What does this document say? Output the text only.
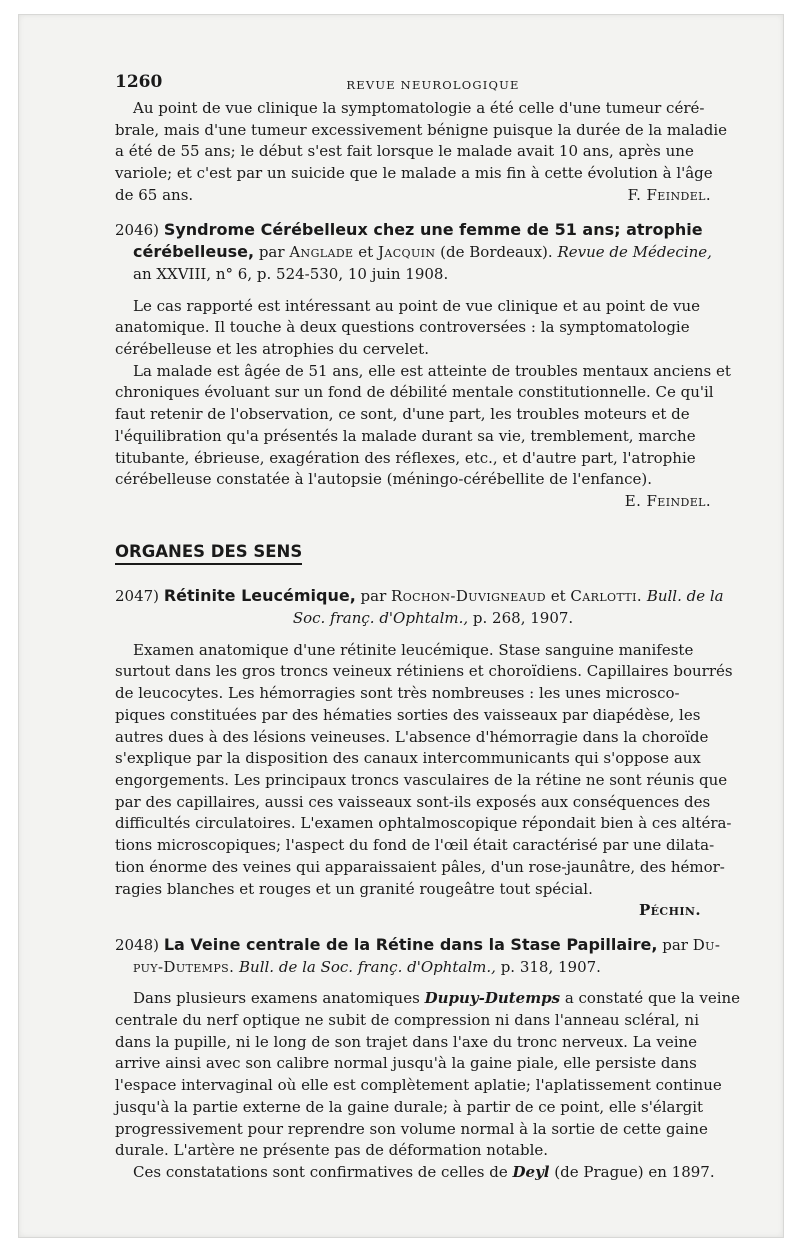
1260	REVUE NEUROLOGIQUE

Au point de vue clinique la symptomatologie a été celle d'une tumeur céré-

brale, mais d'une tumeur excessivement bénigne puisque la durée de la maladie

a été de 55 ans; le début s'est fait lorsque le malade avait 10 ans, après une

variole; et c'est par un suicide que le malade a mis fin à cette évolution à l'âge

de 65 ans.	F. Feindel.

2046) Syndrome Cérébelleux chez une femme de 51 ans; atrophie

cérébelleuse, par Anglade et Jacquin (de Bordeaux). Revue de Médecine,

an XXVIII, n° 6, p. 524-530, 10 juin 1908.

Le cas rapporté est intéressant au point de vue clinique et au point de vue

anatomique. Il touche à deux questions controversées : la symptomatologie

cérébelleuse et les atrophies du cervelet.

La malade est âgée de 51 ans, elle est atteinte de troubles mentaux anciens et

chroniques évoluant sur un fond de débilité mentale constitutionnelle. Ce qu'il

faut retenir de l'observation, ce sont, d'une part, les troubles moteurs et de

l'équilibration qu'a présentés la malade durant sa vie, tremblement, marche

titubante, ébrieuse, exagération des réflexes, etc., et d'autre part, l'atrophie

cérébelleuse constatée à l'autopsie (méningo-cérébellite de l'enfance).

E. Feindel.

ORGANES DES SENS

2047) Rétinite Leucémique, par Rochon-Duvigneaud et Carlotti. Bull. de la

Soc. franç. d'Ophtalm., p. 268, 1907.

Examen anatomique d'une rétinite leucémique. Stase sanguine manifeste

surtout dans les gros troncs veineux rétiniens et choroïdiens. Capillaires bourrés

de leucocytes. Les hémorragies sont très nombreuses : les unes microsco-

piques constituées par des hématies sorties des vaisseaux par diapédèse, les

autres dues à des lésions veineuses. L'absence d'hémorragie dans la choroïde

s'explique par la disposition des canaux intercommunicants qui s'oppose aux

engorgements. Les principaux troncs vasculaires de la rétine ne sont réunis que

par des capillaires, aussi ces vaisseaux sont-ils exposés aux conséquences des

difficultés circulatoires. L'examen ophtalmoscopique répondait bien à ces altéra-

tions microscopiques; l'aspect du fond de l'œil était caractérisé par une dilata-

tion énorme des veines qui apparaissaient pâles, d'un rose-jaunâtre, des hémor-

ragies blanches et rouges et un granité rougeâtre tout spécial.

Péchin.

2048) La Veine centrale de la Rétine dans la Stase Papillaire, par Du-

puy-Dutemps. Bull. de la Soc. franç. d'Ophtalm., p. 318, 1907.

Dans plusieurs examens anatomiques Dupuy-Dutemps a constaté que la veine

centrale du nerf optique ne subit de compression ni dans l'anneau scléral, ni

dans la pupille, ni le long de son trajet dans l'axe du tronc nerveux. La veine

arrive ainsi avec son calibre normal jusqu'à la gaine piale, elle persiste dans

l'espace intervaginal où elle est complètement aplatie; l'aplatissement continue

jusqu'à la partie externe de la gaine durale; à partir de ce point, elle s'élargit

progressivement pour reprendre son volume normal à la sortie de cette gaine

durale. L'artère ne présente pas de déformation notable.

Ces constatations sont confirmatives de celles de Deyl (de Prague) en 1897.
